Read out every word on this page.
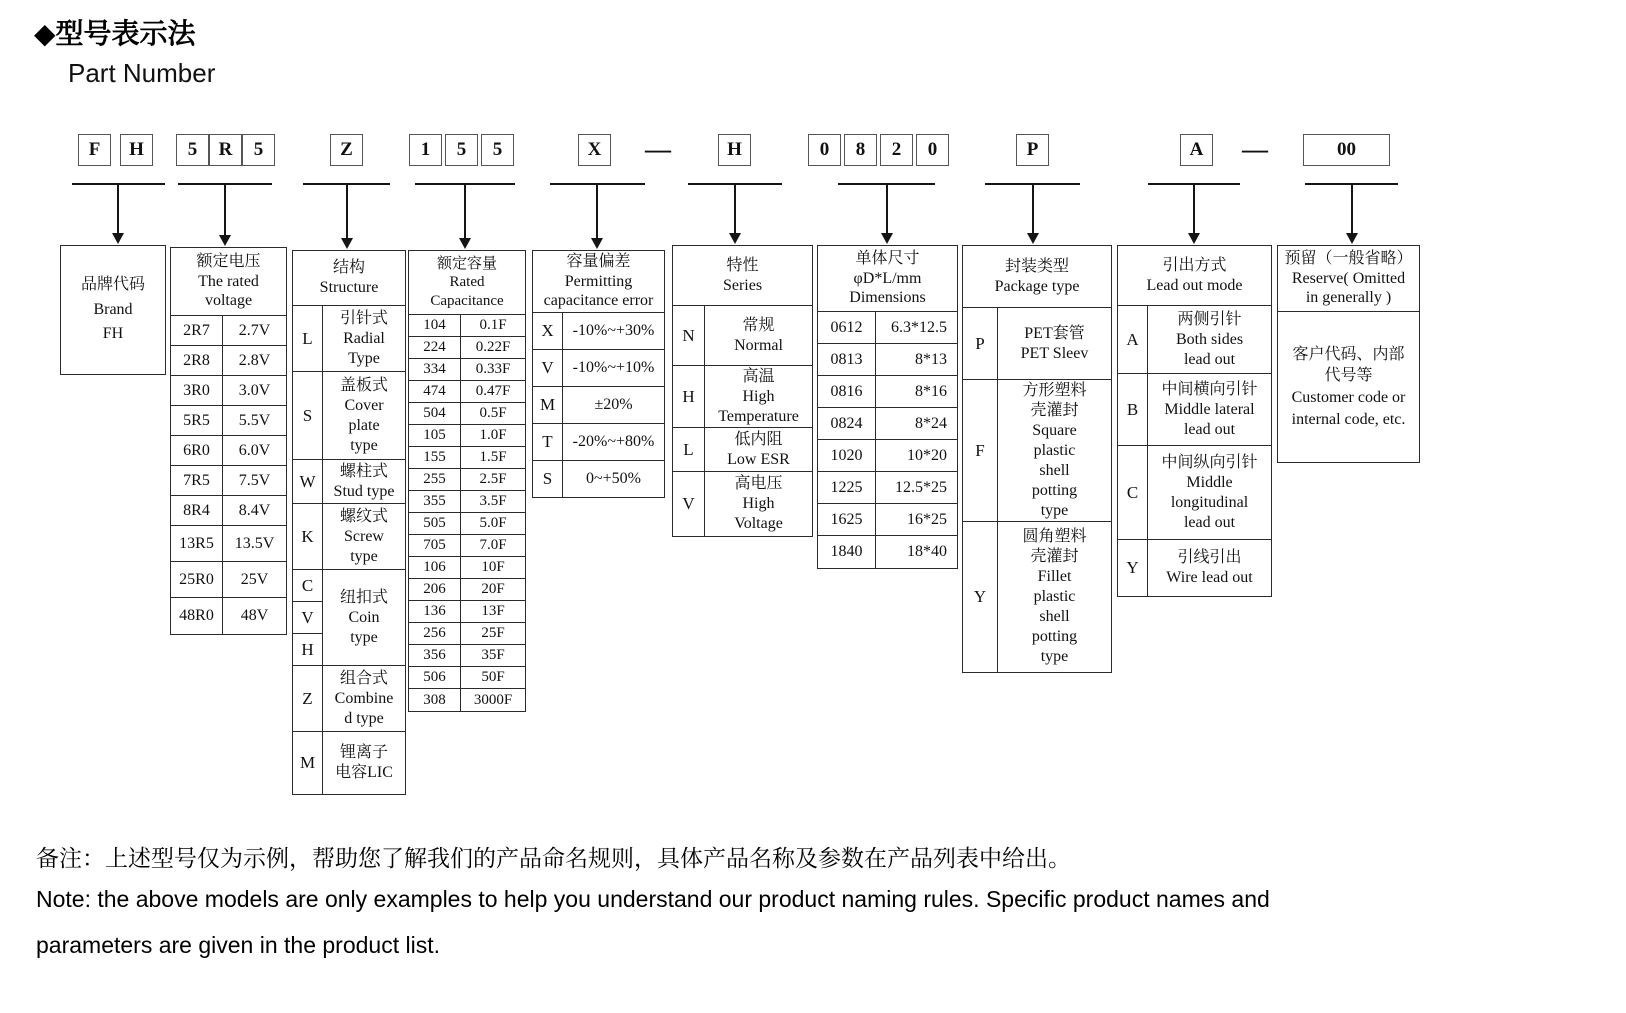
◆型号表示法
Part Number
F	H
品牌代码
Brand
FH
5	R	5
额定电压
The rated
voltage
2R7	2.7V
2R8	2.8V
3R0	3.0V
5R5	5.5V
6R0	6.0V
7R5	7.5V
8R4	8.4V
13R5	13.5V
25R0	25V
48R0	48V
Z
结构
Structure
L
引针式
Radial
Type
S
盖板式
Cover
plate
type
W
螺柱式
Stud type
K
螺纹式
Screw
type
C
V
H
纽扣式
Coin
type
Z
组合式
Combine
d type
M
锂离子
电容LIC
1	5	5
额定容量
Rated
Capacitance
104	0.1F
224	0.22F
334	0.33F
474	0.47F
504	0.5F
105	1.0F
155	1.5F
255	2.5F
355	3.5F
505	5.0F
705	7.0F
106	10F
206	20F
136	13F
256	25F
356	35F
506	50F
308	3000F
X
容量偏差
Permitting
capacitance error
X	-10%~+30%
V	-10%~+10%
M	±20%
T	-20%~+80%
S	0~+50%
H
特性
Series
N
常规
Normal
H
高温
High
Temperature
L
低内阻
Low ESR
V
高电压
High
Voltage
0	8	2	0
单体尺寸
φD*L/mm
Dimensions
0612	6.3*12.5
0813	8*13
0816	8*16
0824	8*24
1020	10*20
1225	12.5*25
1625	16*25
1840	18*40
P
封装类型
Package type
P
PET套管
PET Sleev
F
方形塑料
壳灌封
Square
plastic
shell
potting
type
Y
圆角塑料
壳灌封
Fillet
plastic
shell
potting
type
A
引出方式
Lead out mode
A
两侧引针
Both sides
lead out
B
中间横向引针
Middle lateral
lead out
C
中间纵向引针
Middle
longitudinal
lead out
Y
引线引出
Wire lead out
00
预留（一般省略）
Reserve( Omitted
in generally )
客户代码、内部
代号等
Customer code or
internal code, etc.
—	—
备注：上述型号仅为示例，帮助您了解我们的产品命名规则，具体产品名称及参数在产品列表中给出。
Note: the above models are only examples to help you understand our product naming rules. Specific product names and
parameters are given in the product list.
